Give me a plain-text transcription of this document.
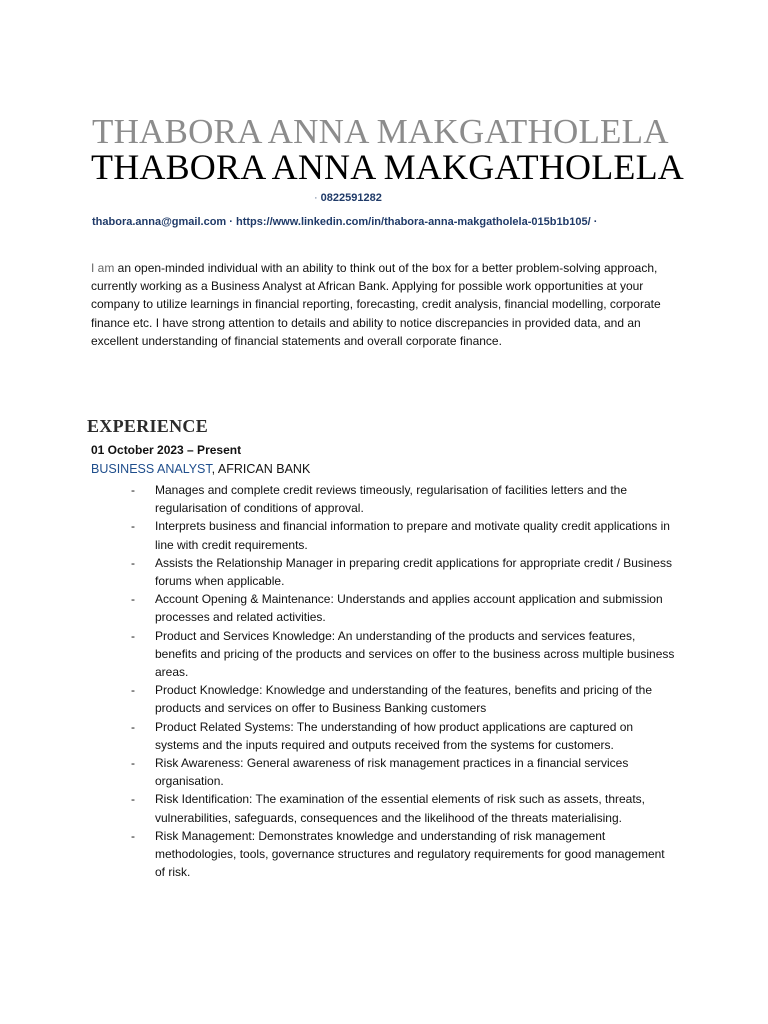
THABORA ANNA MAKGATHOLELA
THABORA ANNA MAKGATHOLELA
· 0822591282
thabora.anna@gmail.com · https://www.linkedin.com/in/thabora-anna-makgatholela-015b1b105/ ·
I am an open-minded individual with an ability to think out of the box for a better problem-solving approach, currently working as a Business Analyst at African Bank. Applying for possible work opportunities at your company to utilize learnings in financial reporting, forecasting, credit analysis, financial modelling, corporate finance etc. I have strong attention to details and ability to notice discrepancies in provided data, and an excellent understanding of financial statements and overall corporate finance.
EXPERIENCE
01 October 2023 – Present
BUSINESS ANALYST, AFRICAN BANK
- Manages and complete credit reviews timeously, regularisation of facilities letters and the regularisation of conditions of approval.
- Interprets business and financial information to prepare and motivate quality credit applications in line with credit requirements.
- Assists the Relationship Manager in preparing credit applications for appropriate credit / Business forums when applicable.
- Account Opening & Maintenance: Understands and applies account application and submission processes and related activities.
- Product and Services Knowledge: An understanding of the products and services features, benefits and pricing of the products and services on offer to the business across multiple business areas.
- Product Knowledge: Knowledge and understanding of the features, benefits and pricing of the products and services on offer to Business Banking customers
- Product Related Systems: The understanding of how product applications are captured on systems and the inputs required and outputs received from the systems for customers.
- Risk Awareness: General awareness of risk management practices in a financial services organisation.
- Risk Identification: The examination of the essential elements of risk such as assets, threats, vulnerabilities, safeguards, consequences and the likelihood of the threats materialising.
- Risk Management: Demonstrates knowledge and understanding of risk management methodologies, tools, governance structures and regulatory requirements for good management of risk.
